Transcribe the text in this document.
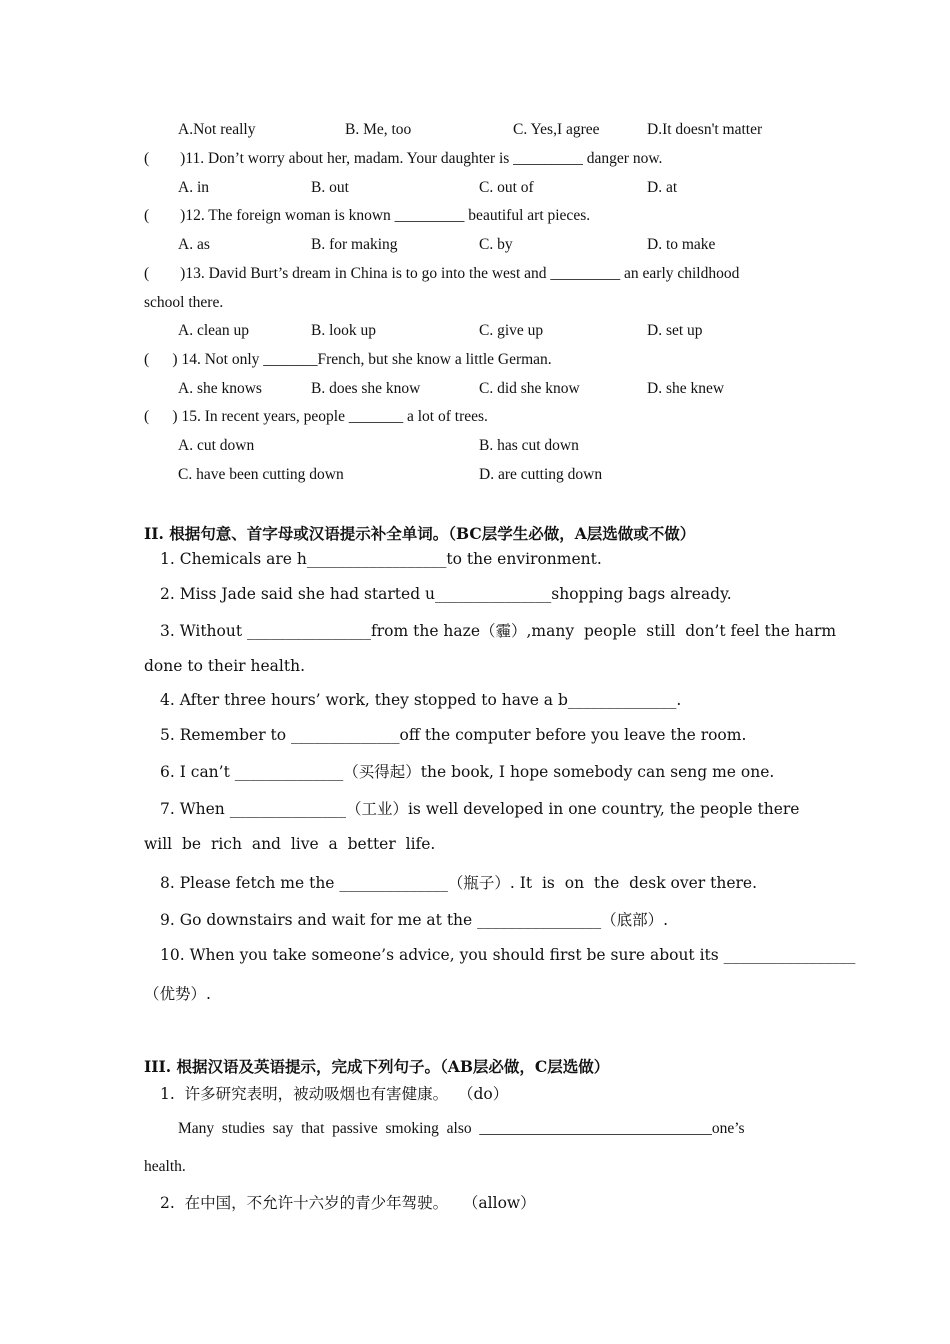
A.Not really	B. Me, too	C. Yes,I agree	D.It doesn't matter
(        )11. Don’t worry about her, madam. Your daughter is _________ danger now.
A. in	B. out	C. out of	D. at
(        )12. The foreign woman is known _________ beautiful art pieces.
A. as	B. for making	C. by	D. to make
(        )13. David Burt’s dream in China is to go into the west and _________ an early childhood
school there.
A. clean up	B. look up	C. give up	D. set up
(      ) 14. Not only _______French, but she know a little German.
A. she knows	B. does she know	C. did she know	D. she knew
(      ) 15. In recent years, people _______ a lot of trees.
A. cut down	B. has cut down
C. have been cutting down	D. are cutting down
II. 根据句意、首字母或汉语提示补全单词。（BC层学生必做，A层选做或不做）
1. Chemicals are h__________________to the environment.
2. Miss Jade said she had started u_______________shopping bags already.
3. Without ________________from the haze（霾）,many  people  still  don’t feel the harm
done to their health.
4. After three hours’ work, they stopped to have a b______________.
5. Remember to ______________off the computer before you leave the room.
6. I can’t ______________（买得起）the book, I hope somebody can seng me one.
7. When _______________（工业）is well developed in one country, the people there
will  be  rich  and  live  a  better  life.
8. Please fetch me the ______________（瓶子）. It  is  on  the  desk over there.
9. Go downstairs and wait for me at the ________________（底部）.
10. When you take someone’s advice, you should first be sure about its _________________
（优势）.
III. 根据汉语及英语提示，完成下列句子。（AB层必做，C层选做）
1.  许多研究表明，被动吸烟也有害健康。  （do）
Many  studies  say  that  passive  smoking  also  ______________________________one’s
health.
2.  在中国，不允许十六岁的青少年驾驶。   （allow）
